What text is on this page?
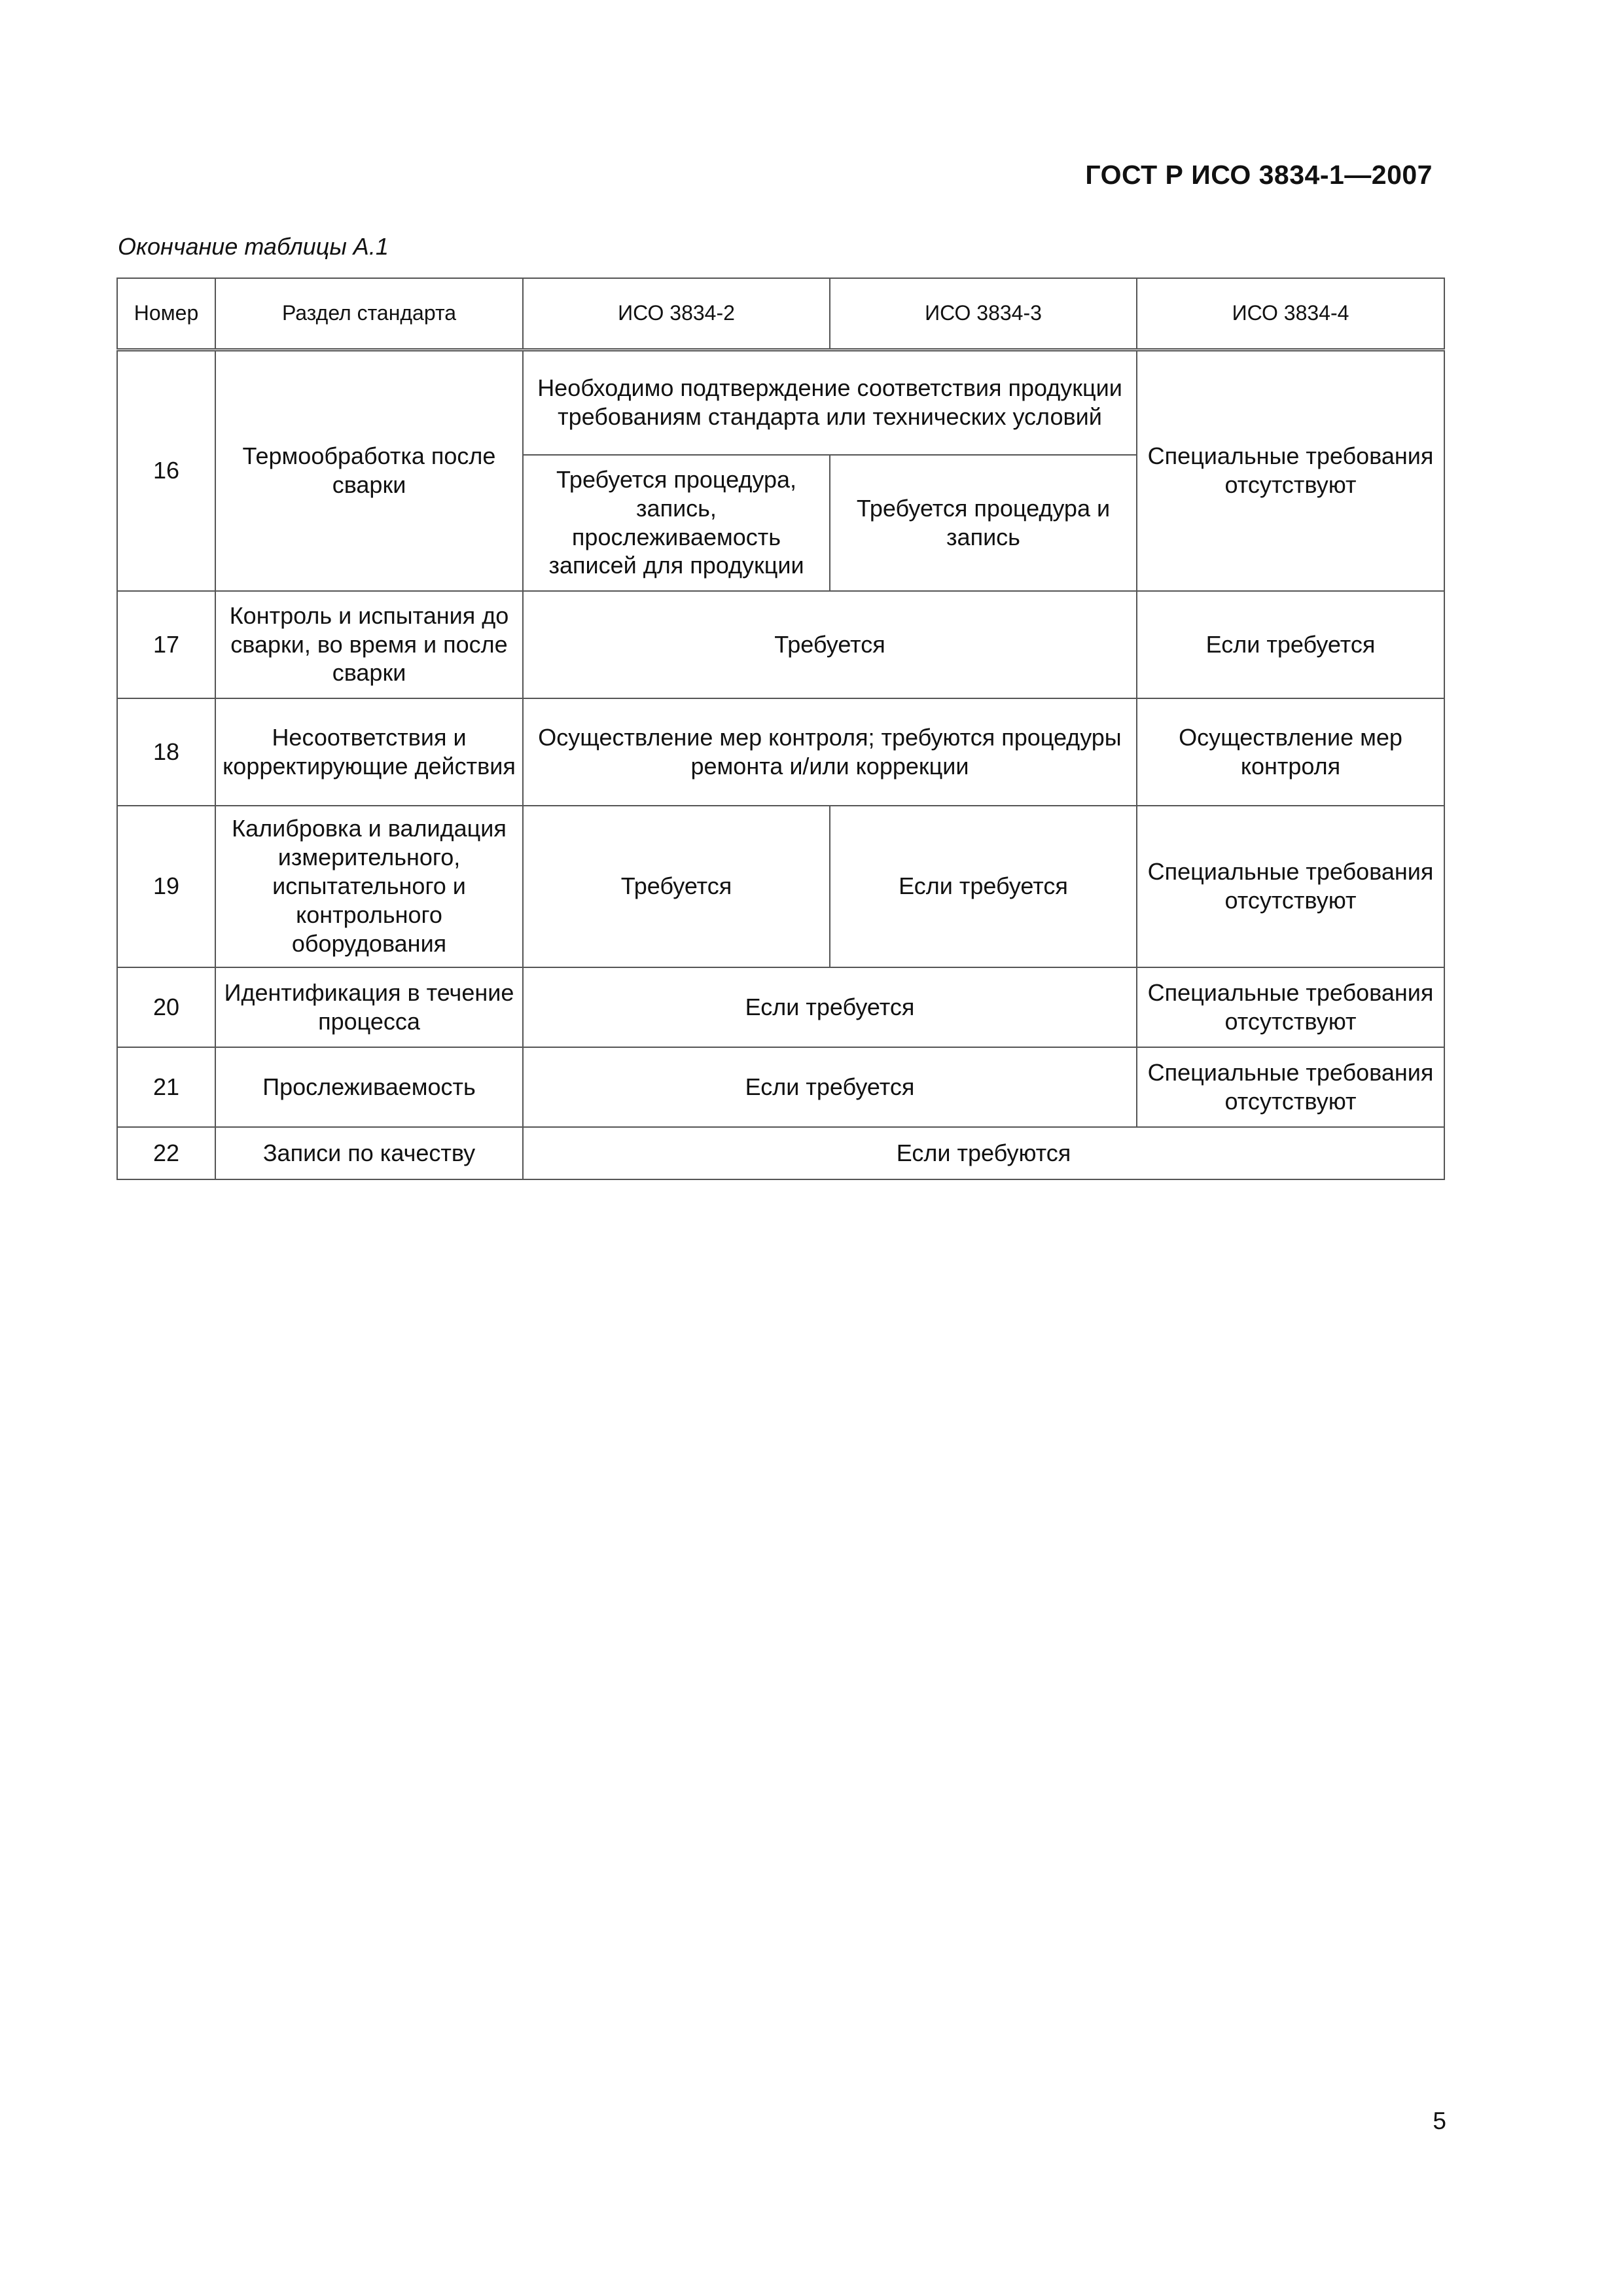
ГОСТ Р ИСО 3834-1—2007
Окончание таблицы А.1
Номер	Раздел стандарта	ИСО 3834-2	ИСО 3834-3	ИСО 3834-4
16	Термообработка после сварки	Необходимо подтверждение соответствия продукции требованиям стандарта или технических условий		Специальные требования отсутствуют
		Требуется процедура, запись, прослеживаемость записей для продукции	Требуется процедура и запись	
17	Контроль и испытания до сварки, во время и после сварки	Требуется		Если требуется
18	Несоответствия и корректирующие действия	Осуществление мер контроля; требуются процедуры ремонта и/или коррекции		Осуществление мер контроля
19	Калибровка и валидация измерительного, испытательного и контрольного оборудования	Требуется	Если требуется	Специальные требования отсутствуют
20	Идентификация в течение процесса	Если требуется		Специальные требования отсутствуют
21	Прослеживаемость	Если требуется		Специальные требования отсутствуют
22	Записи по качеству	Если требуются		
5
